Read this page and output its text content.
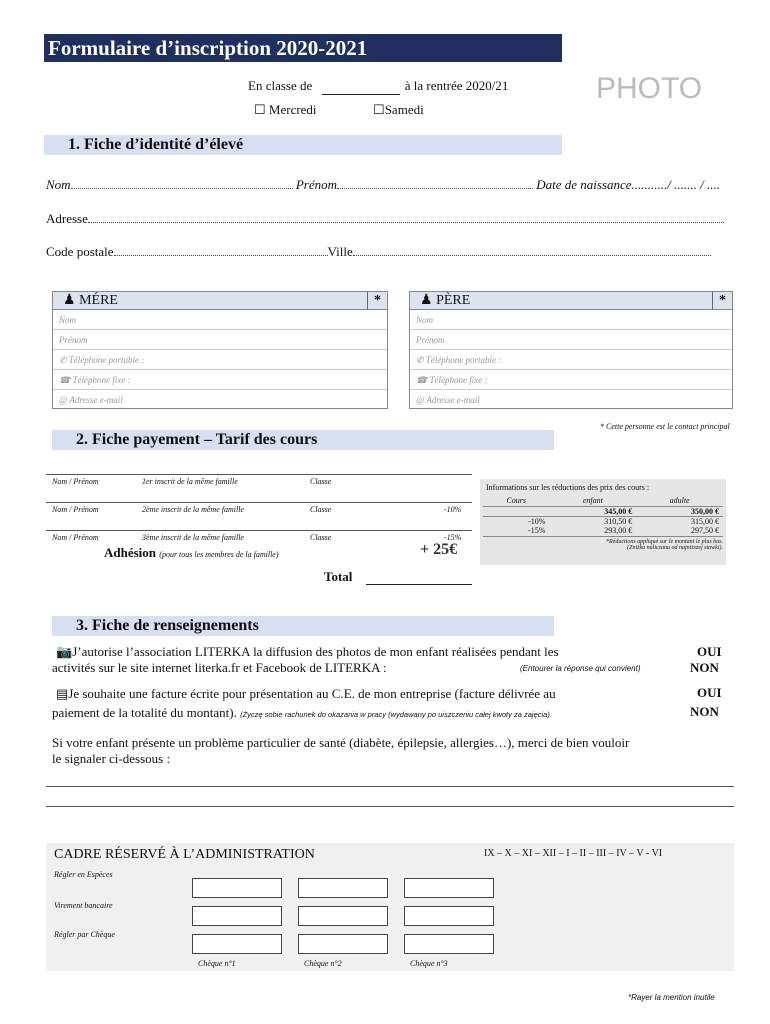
Formulaire d’inscription 2020-2021
En classe de	à la rentrée 2020/21
☐ Mercredi	☐Samedi
PHOTO
1. Fiche d’identité d’élevé
Nom	Prénom	Date de naissance.........../ ....... / ....
Adresse
Code postale	Ville
♟ MÉRE	*
Nom
Prénom
✆ Téléphone portable :
☎ Téléphone fixe :
@ Adresse e-mail
♟ PÈRE	*
Nom
Prénom
✆ Téléphone portable :
☎ Téléphone fixe :
@ Adresse e-mail
* Cette personne est le contact principal
2. Fiche payement – Tarif des cours
Nom / Prénom	1er inscrit de la même famille	Classe
Nom / Prénom	2ème inscrit de la même famille	Classe	-10%
Nom / Prénom	3ème inscrit de la même famille	Classe	-15%
Adhésion (pour tous les membres de la famille)	+ 25€
Total
Informations sur les réductions des prix des cours :
Cours	enfant	adulte
	345,00 €	350,00 €
-10%	310,50 €	315,00 €
-15%	293,00 €	297,50 €
*Réductions appliqué sur le montant le plus bas.
(Zniżka naliczana od najniższej stawki).
3. Fiche de renseignements
📷J’autorise l’association LITERKA la diffusion des photos de mon enfant réalisées pendant les
activités sur le site internet literka.fr et Facebook de LITERKA :	(Entourer la réponse qui convient)
OUI
NON
▤Je souhaite une facture écrite pour présentation au C.E. de mon entreprise (facture délivrée au
paiement de la totalité du montant). (Życzę sobie rachunek do okazania w pracy (wydawany po uiszczeniu całej kwoty za zajęcia).
OUI
NON
Si votre enfant présente un problème particulier de santé (diabète, épilepsie, allergies…), merci de bien vouloir
le signaler ci-dessous :
CADRE RÉSERVÉ À L’ADMINISTRATION	IX – X – XI – XII – I – II – III – IV – V - VI
Régler en Espèces
Virement bancaire
Régler par Chèque
Chèque n°1	Chèque n°2	Chèque n°3
*Rayer la mention inutile
